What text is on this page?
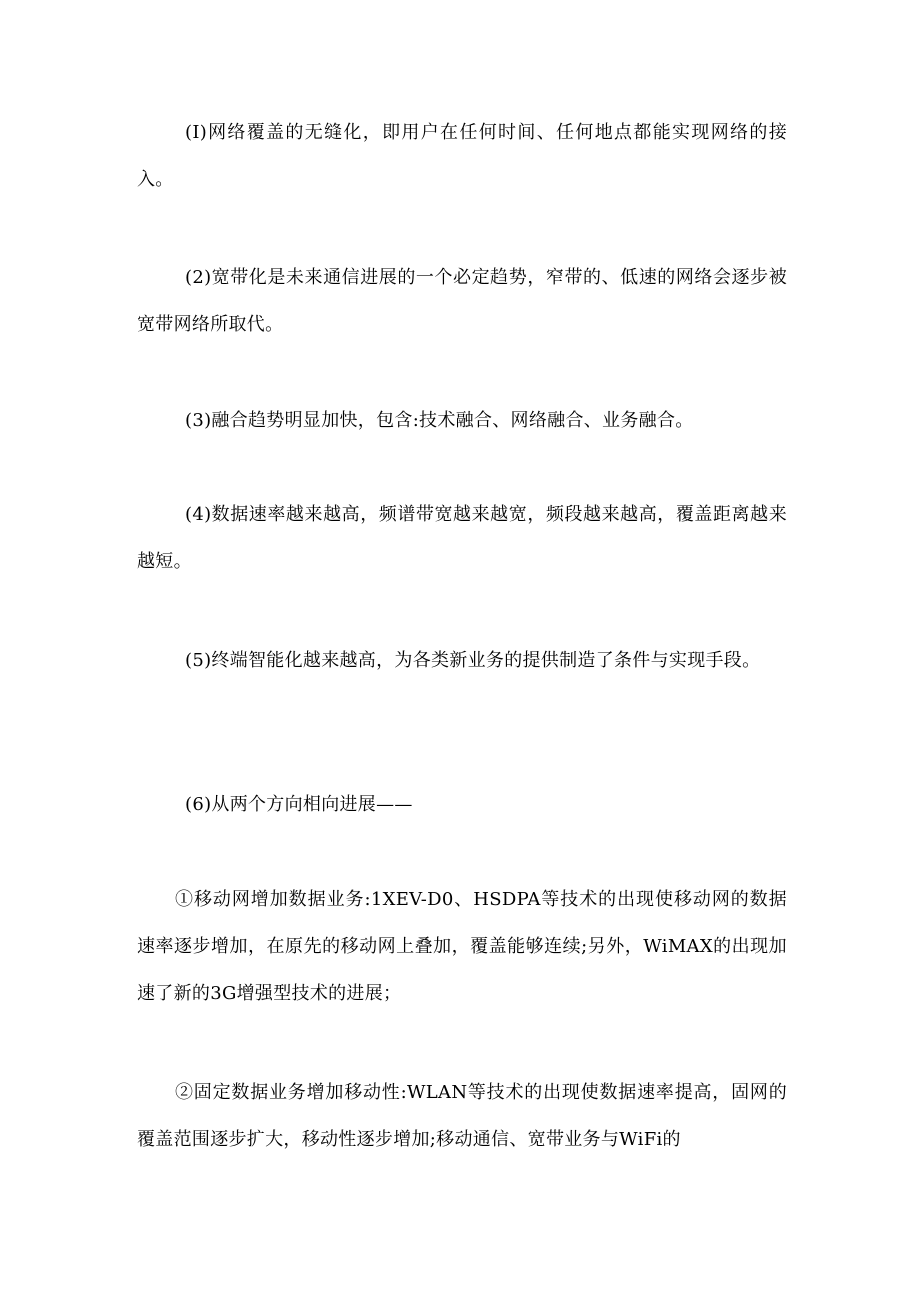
(I)网络覆盖的无缝化，即用户在任何时间、任何地点都能实现网络的接入。

(2)宽带化是未来通信进展的一个必定趋势，窄带的、低速的网络会逐步被宽带网络所取代。

(3)融合趋势明显加快，包含:技术融合、网络融合、业务融合。

(4)数据速率越来越高，频谱带宽越来越宽，频段越来越高，覆盖距离越来越短。

(5)终端智能化越来越高，为各类新业务的提供制造了条件与实现手段。

(6)从两个方向相向进展——

①移动网增加数据业务:1XEV-D0、HSDPA等技术的出现使移动网的数据速率逐步增加，在原先的移动网上叠加，覆盖能够连续;另外，WiMAX的出现加速了新的3G增强型技术的进展；

②固定数据业务增加移动性:WLAN等技术的出现使数据速率提高，固网的覆盖范围逐步扩大，移动性逐步增加;移动通信、宽带业务与WiFi的
